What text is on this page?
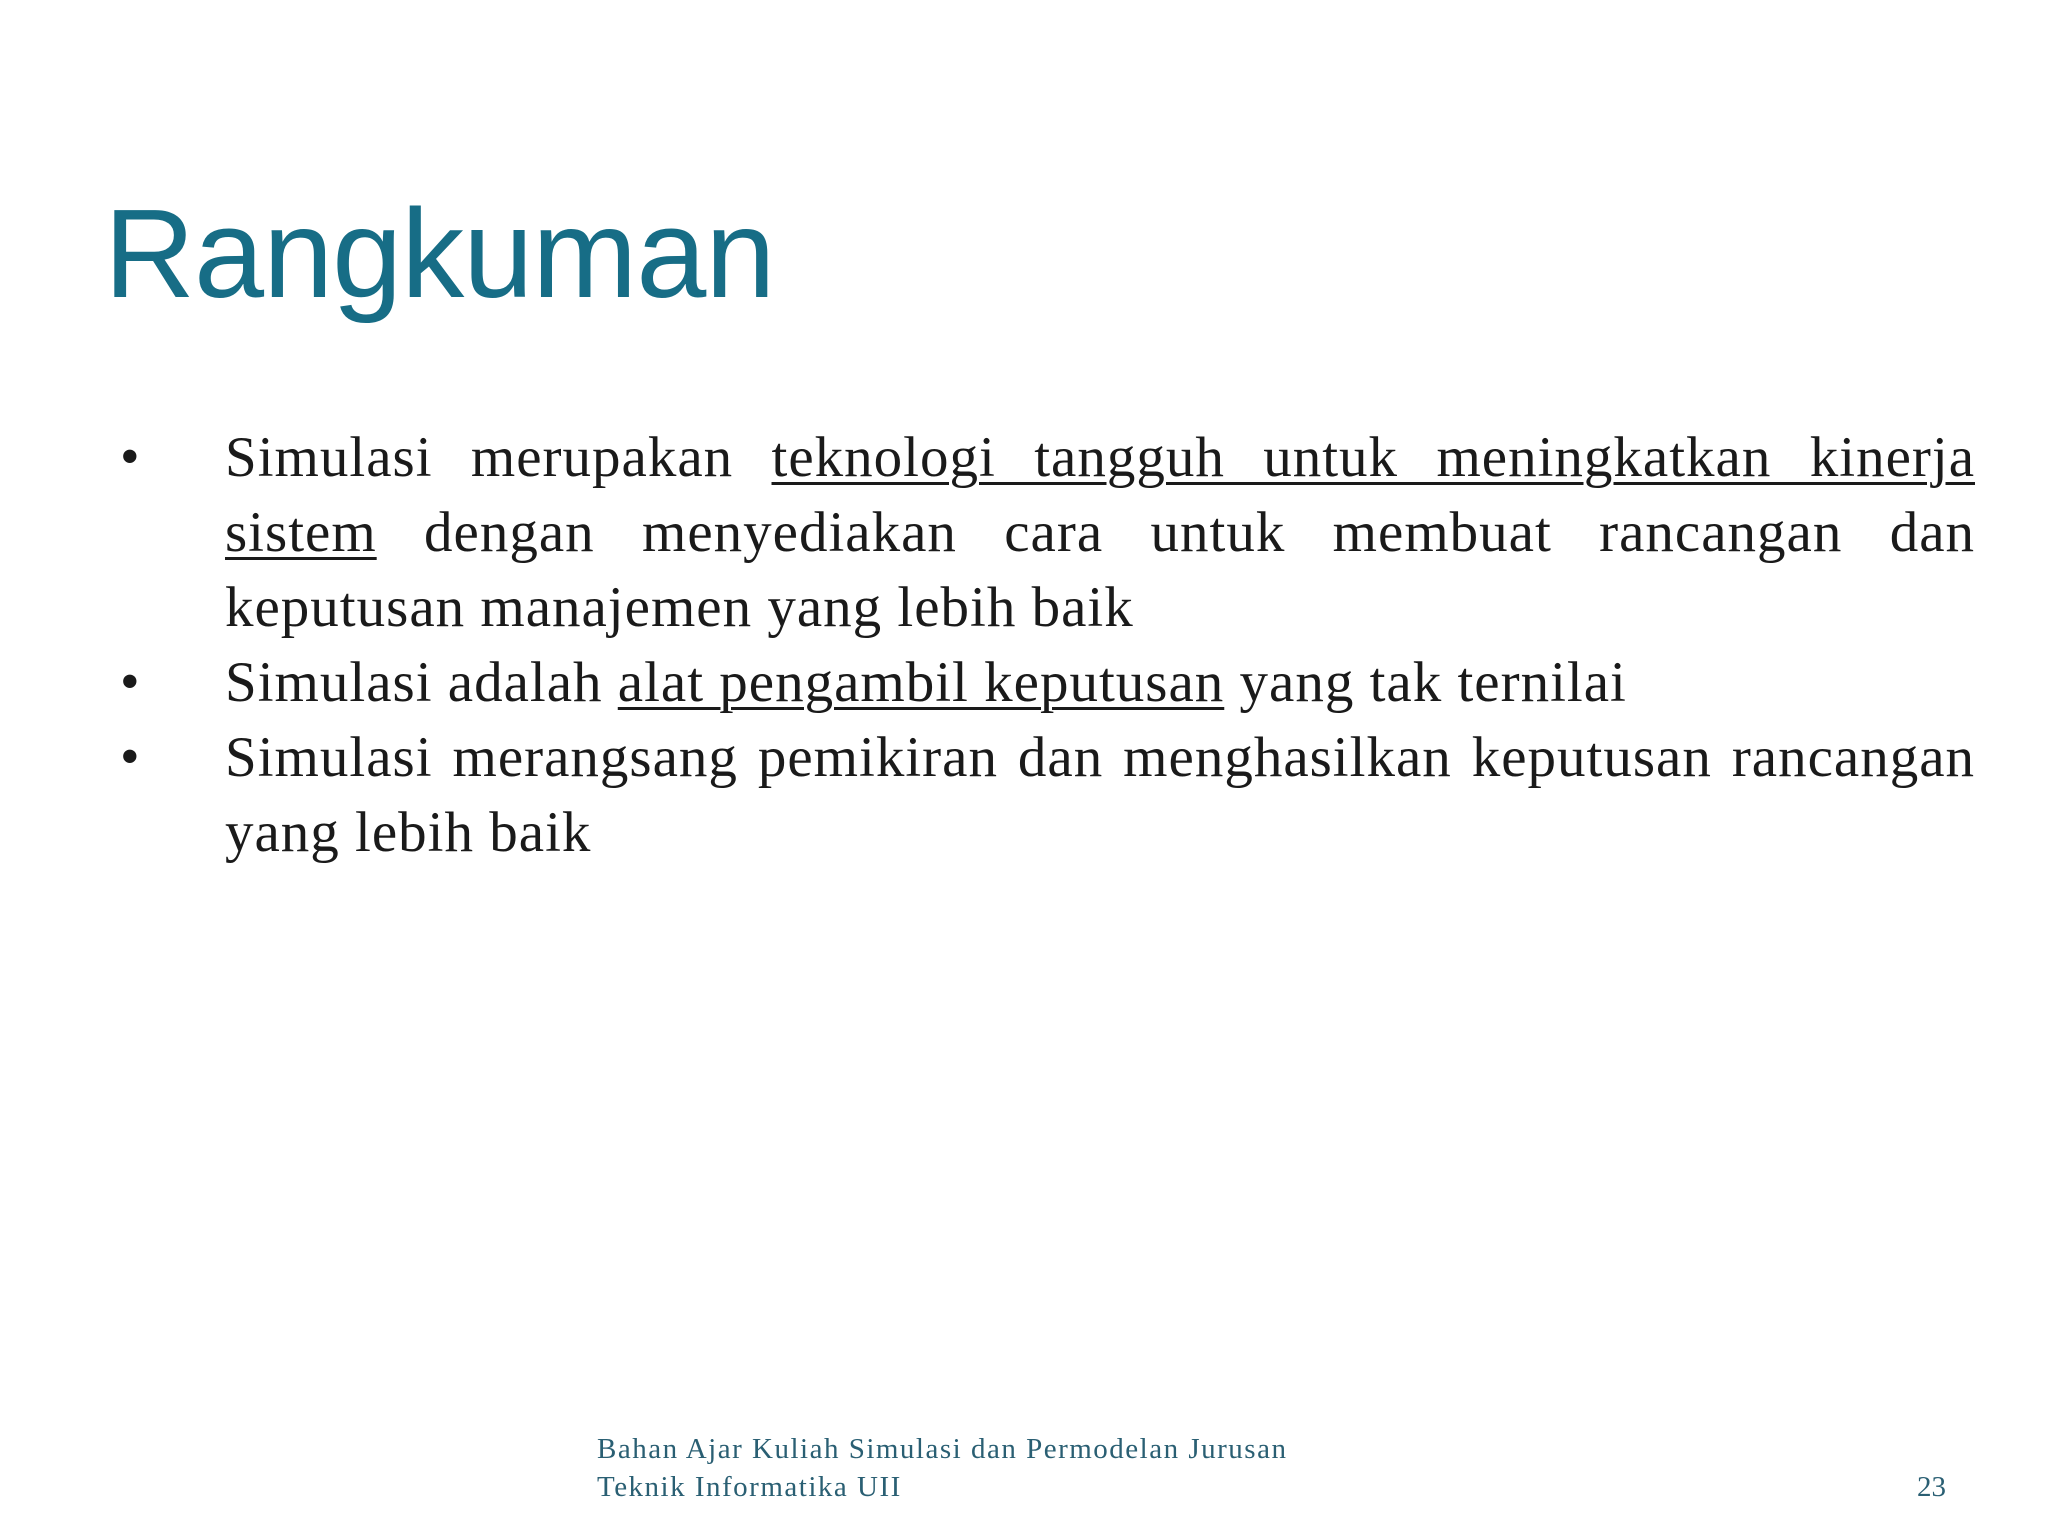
Rangkuman
• Simulasi merupakan teknologi tangguh untuk meningkatkan kinerja sistem dengan menyediakan cara untuk membuat rancangan dan keputusan manajemen yang lebih baik
• Simulasi adalah alat pengambil keputusan yang tak ternilai
• Simulasi merangsang pemikiran dan menghasilkan keputusan rancangan yang lebih baik
Bahan Ajar Kuliah Simulasi dan Permodelan Jurusan
Teknik Informatika UII	23
